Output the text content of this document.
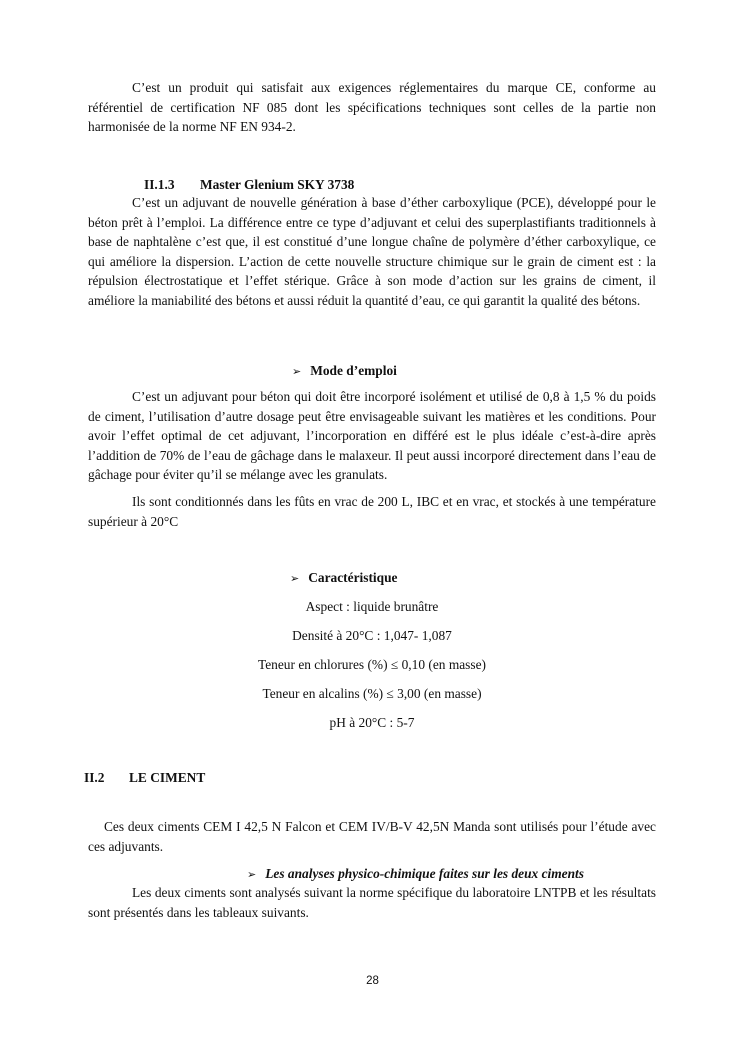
C’est un produit qui satisfait aux exigences réglementaires du marque CE, conforme au référentiel de certification NF 085 dont les spécifications techniques sont celles de la partie non harmonisée de la norme NF EN 934-2.

II.1.3 Master Glenium SKY 3738

C’est un adjuvant de nouvelle génération à base d’éther carboxylique (PCE), développé pour le béton prêt à l’emploi. La différence entre ce type d’adjuvant et celui des superplastifiants traditionnels à base de naphtalène c’est que, il est constitué d’une longue chaîne de polymère d’éther carboxylique, ce qui améliore la dispersion. L’action de cette nouvelle structure chimique sur le grain de ciment est : la répulsion électrostatique et l’effet stérique. Grâce à son mode d’action sur les grains de ciment, il améliore la maniabilité des bétons et aussi réduit la quantité d’eau, ce qui garantit la qualité des bétons.

➢ Mode d’emploi

C’est un adjuvant pour béton qui doit être incorporé isolément et utilisé de 0,8 à 1,5 % du poids de ciment, l’utilisation d’autre dosage peut être envisageable suivant les matières et les conditions. Pour avoir l’effet optimal de cet adjuvant, l’incorporation en différé est le plus idéale c’est-à-dire après l’addition de 70% de l’eau de gâchage dans le malaxeur. Il peut aussi incorporé directement dans l’eau de gâchage pour éviter qu’il se mélange avec les granulats.

Ils sont conditionnés dans les fûts en vrac de 200 L, IBC et en vrac, et stockés à une température supérieur à 20°C

➢ Caractéristique

Aspect : liquide brunâtre

Densité à 20°C : 1,047- 1,087

Teneur en chlorures (%) ≤ 0,10 (en masse)

Teneur en alcalins (%) ≤ 3,00 (en masse)

pH à 20°C : 5-7

II.2 LE CIMENT

Ces deux ciments CEM I 42,5 N Falcon et CEM IV/B-V 42,5N Manda sont utilisés pour l’étude avec ces adjuvants.

➢ Les analyses physico-chimique faites sur les deux ciments

Les deux ciments sont analysés suivant la norme spécifique du laboratoire LNTPB et les résultats sont présentés dans les tableaux suivants.

28
